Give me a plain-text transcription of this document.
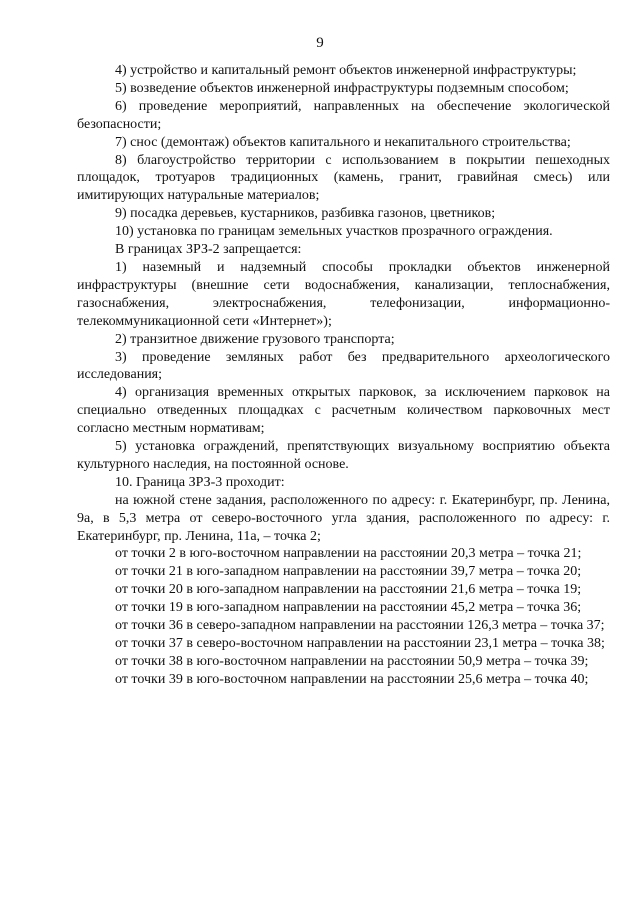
9

4) устройство и капитальный ремонт объектов инженерной инфраструктуры;

5) возведение объектов инженерной инфраструктуры подземным способом;

6) проведение мероприятий, направленных на обеспечение экологической безопасности;

7) снос (демонтаж) объектов капитального и некапитального строительства;

8) благоустройство территории с использованием в покрытии пешеходных площадок, тротуаров традиционных (камень, гранит, гравийная смесь) или имитирующих натуральные материалов;

9) посадка деревьев, кустарников, разбивка газонов, цветников;

10) установка по границам земельных участков прозрачного ограждения.

В границах ЗРЗ-2 запрещается:

1) наземный и надземный способы прокладки объектов инженерной инфраструктуры (внешние сети водоснабжения, канализации, теплоснабжения, газоснабжения, электроснабжения, телефонизации, информационно-телекоммуникационной сети «Интернет»);

2) транзитное движение грузового транспорта;

3) проведение земляных работ без предварительного археологического исследования;

4) организация временных открытых парковок, за исключением парковок на специально отведенных площадках с расчетным количеством парковочных мест согласно местным нормативам;

5) установка ограждений, препятствующих визуальному восприятию объекта культурного наследия, на постоянной основе.

10. Граница ЗРЗ-3 проходит:

на южной стене задания, расположенного по адресу: г. Екатеринбург, пр. Ленина, 9а, в 5,3 метра от северо-восточного угла здания, расположенного по адресу: г. Екатеринбург, пр. Ленина, 11а, – точка 2;

от точки 2 в юго-восточном направлении на расстоянии 20,3 метра – точка 21;

от точки 21 в юго-западном направлении на расстоянии 39,7 метра – точка 20;

от точки 20 в юго-западном направлении на расстоянии 21,6 метра – точка 19;

от точки 19 в юго-западном направлении на расстоянии 45,2 метра – точка 36;

от точки 36 в северо-западном направлении на расстоянии 126,3 метра – точка 37;

от точки 37 в северо-восточном направлении на расстоянии 23,1 метра – точка 38;

от точки 38 в юго-восточном направлении на расстоянии 50,9 метра – точка 39;

от точки 39 в юго-восточном направлении на расстоянии 25,6 метра – точка 40;
